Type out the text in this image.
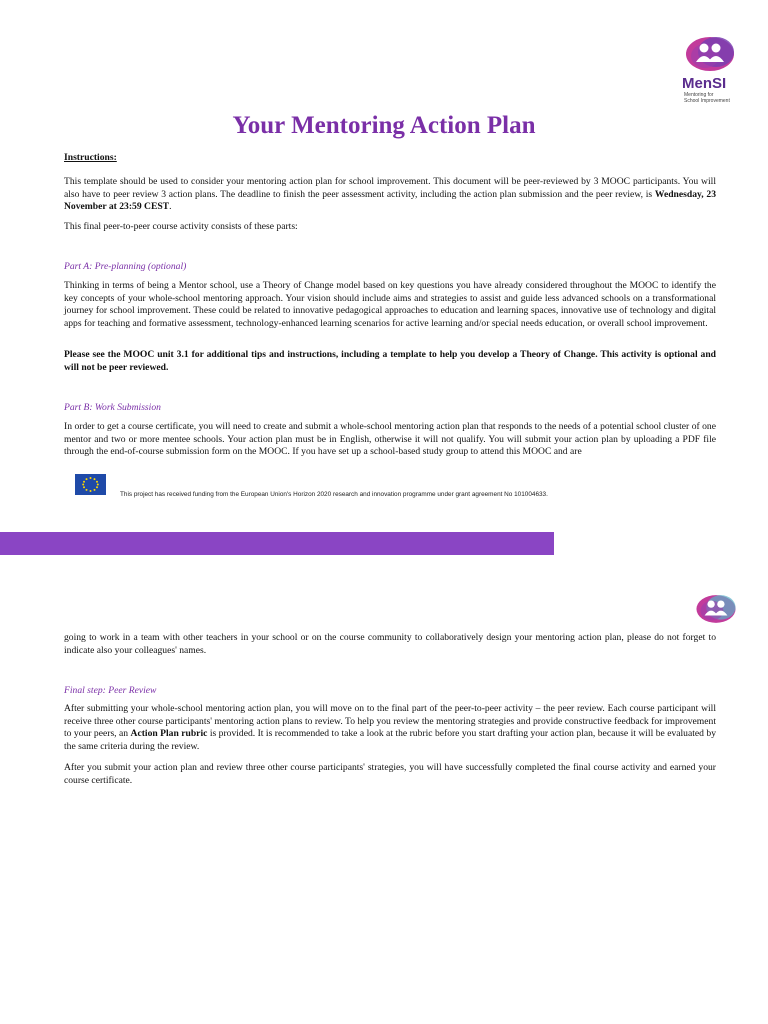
MenSI
Mentoring for
School Improvement
Your Mentoring Action Plan
Instructions:
This template should be used to consider your mentoring action plan for school improvement. This document will be peer-reviewed by 3 MOOC participants. You will also have to peer review 3 action plans. The deadline to finish the peer assessment activity, including the action plan submission and the peer review, is Wednesday, 23 November at 23:59 CEST.
This final peer-to-peer course activity consists of these parts:
Part A: Pre-planning (optional)
Thinking in terms of being a Mentor school, use a Theory of Change model based on key questions you have already considered throughout the MOOC to identify the key concepts of your whole-school mentoring approach. Your vision should include aims and strategies to assist and guide less advanced schools on a transformational journey for school improvement. These could be related to innovative pedagogical approaches to education and learning spaces, innovative use of technology and digital apps for teaching and formative assessment, technology-enhanced learning scenarios for active learning and/or special needs education, or overall school improvement.
Please see the MOOC unit 3.1 for additional tips and instructions, including a template to help you develop a Theory of Change. This activity is optional and will not be peer reviewed.
Part B: Work Submission
In order to get a course certificate, you will need to create and submit a whole-school mentoring action plan that responds to the needs of a potential school cluster of one mentor and two or more mentee schools. Your action plan must be in English, otherwise it will not qualify. You will submit your action plan by uploading a PDF file through the end-of-course submission form on the MOOC. If you have set up a school-based study group to attend this MOOC and are
This project has received funding from the European Union's Horizon 2020 research and innovation programme under grant agreement No 101004633.
going to work in a team with other teachers in your school or on the course community to collaboratively design your mentoring action plan, please do not forget to indicate also your colleagues' names.
Final step: Peer Review
After submitting your whole-school mentoring action plan, you will move on to the final part of the peer-to-peer activity – the peer review. Each course participant will receive three other course participants' mentoring action plans to review. To help you review the mentoring strategies and provide constructive feedback for improvement to your peers, an Action Plan rubric is provided. It is recommended to take a look at the rubric before you start drafting your action plan, because it will be evaluated by the same criteria during the review.
After you submit your action plan and review three other course participants' strategies, you will have successfully completed the final course activity and earned your course certificate.
